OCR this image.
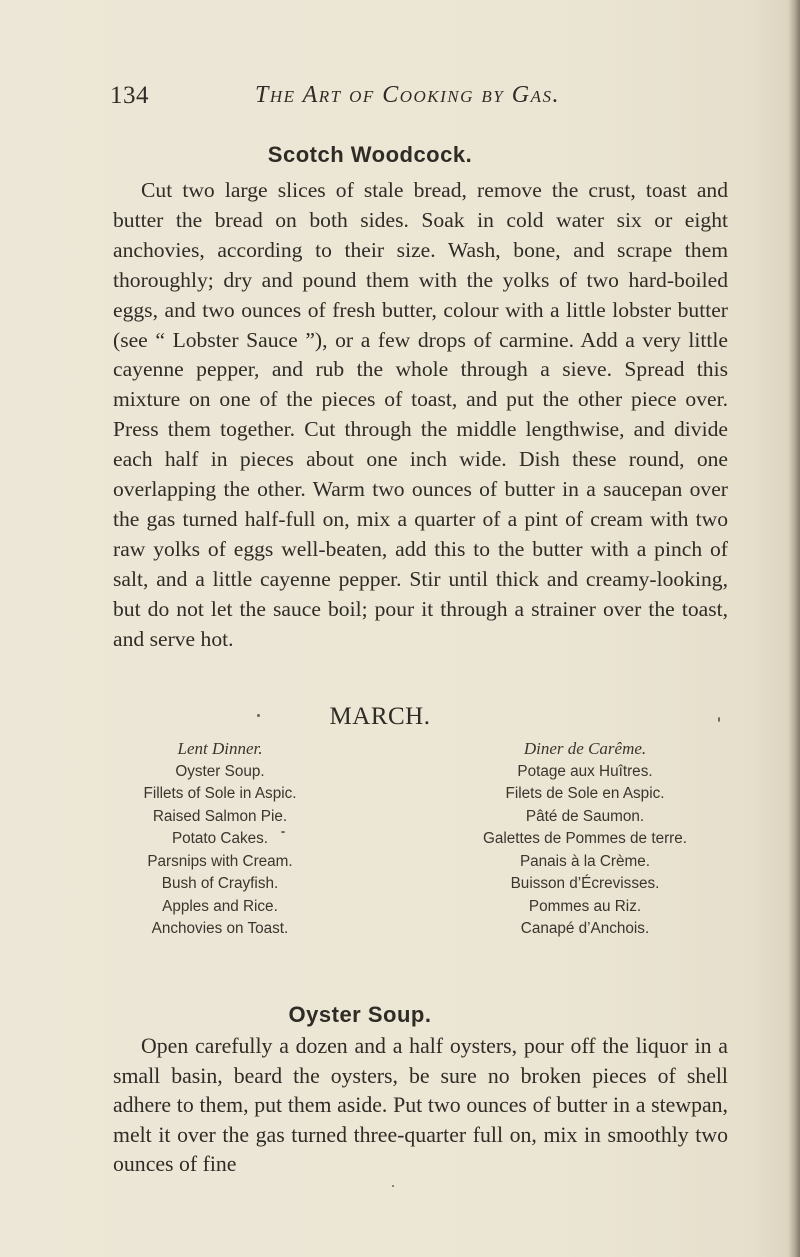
134	The Art of Cooking by Gas.
Scotch Woodcock.
Cut two large slices of stale bread, remove the crust, toast and butter the bread on both sides. Soak in cold water six or eight anchovies, according to their size. Wash, bone, and scrape them thoroughly; dry and pound them with the yolks of two hard-boiled eggs, and two ounces of fresh butter, colour with a little lobster butter (see “ Lobster Sauce ”), or a few drops of carmine. Add a very little cayenne pepper, and rub the whole through a sieve. Spread this mixture on one of the pieces of toast, and put the other piece over. Press them together. Cut through the middle lengthwise, and divide each half in pieces about one inch wide. Dish these round, one overlapping the other. Warm two ounces of butter in a saucepan over the gas turned half-full on, mix a quarter of a pint of cream with two raw yolks of eggs well-beaten, add this to the butter with a pinch of salt, and a little cayenne pepper. Stir until thick and creamy-looking, but do not let the sauce boil; pour it through a strainer over the toast, and serve hot.
MARCH.
Lent Dinner.
Oyster Soup.
Fillets of Sole in Aspic.
Raised Salmon Pie.
Potato Cakes.
Parsnips with Cream.
Bush of Crayfish.
Apples and Rice.
Anchovies on Toast.
Diner de Carême.
Potage aux Huîtres.
Filets de Sole en Aspic.
Pâté de Saumon.
Galettes de Pommes de terre.
Panais à la Crème.
Buisson d’Écrevisses.
Pommes au Riz.
Canapé d’Anchois.
Oyster Soup.
Open carefully a dozen and a half oysters, pour off the liquor in a small basin, beard the oysters, be sure no broken pieces of shell adhere to them, put them aside. Put two ounces of butter in a stewpan, melt it over the gas turned three-quarter full on, mix in smoothly two ounces of fine
